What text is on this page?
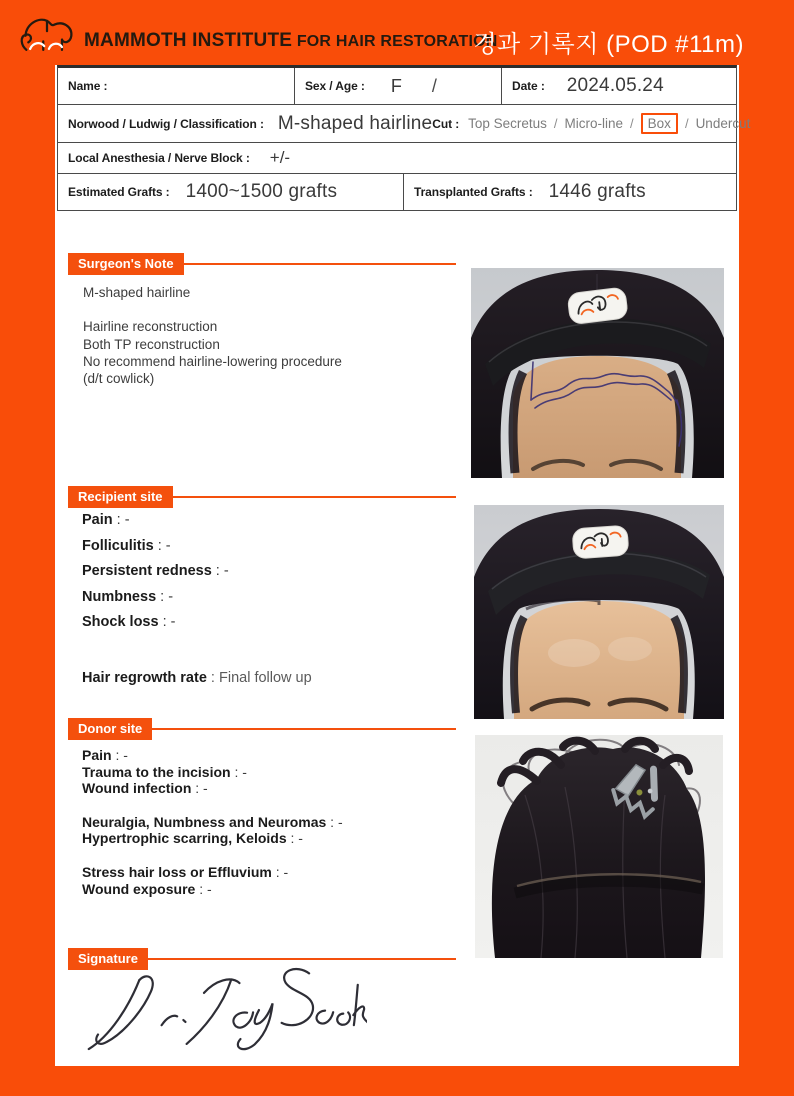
MAMMOTH INSTITUTE FOR HAIR RESTORATION
경과 기록지 (POD #11m)
Name :	Sex / Age : F /	Date : 2024.05.24
Norwood / Ludwig / Classification : M-shaped hairline Cut : Top Secretus / Micro-line /	Box	/ Undercut
Local Anesthesia / Nerve Block : +/-
Estimated Grafts : 1400~1500 grafts	Transplanted Grafts : 1446 grafts
Surgeon's Note
M-shaped hairline
Hairline reconstruction
Both TP reconstruction
No recommend hairline-lowering procedure
(d/t cowlick)
Recipient site
Pain : -
Folliculitis : -
Persistent redness : -
Numbness : -
Shock loss : -
Hair regrowth rate : Final follow up
Donor site
Pain : -
Trauma to the incision : -
Wound infection : -
Neuralgia, Numbness and Neuromas : -
Hypertrophic scarring, Keloids : -
Stress hair loss or Effluvium : -
Wound exposure : -
Signature
